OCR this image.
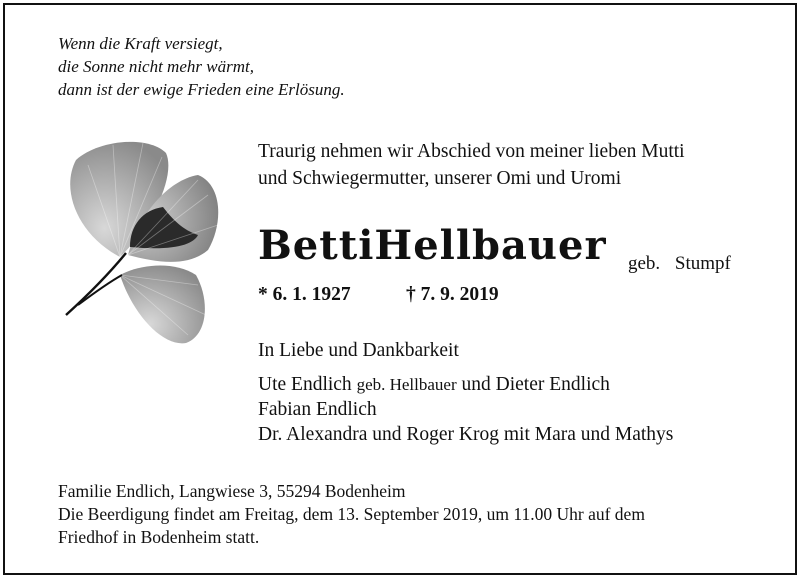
Wenn die Kraft versiegt,
die Sonne nicht mehr wärmt,
dann ist der ewige Frieden eine Erlösung.
Traurig nehmen wir Abschied von meiner lieben Mutti
und Schwiegermutter, unserer Omi und Uromi
BettiHellbauer geb. Stumpf
* 6. 1. 1927	† 7. 9. 2019
In Liebe und Dankbarkeit
Ute Endlich geb. Hellbauer und Dieter Endlich
Fabian Endlich
Dr. Alexandra und Roger Krog mit Mara und Mathys
Familie Endlich, Langwiese 3, 55294 Bodenheim
Die Beerdigung findet am Freitag, dem 13. September 2019, um 11.00 Uhr auf dem
Friedhof in Bodenheim statt.
